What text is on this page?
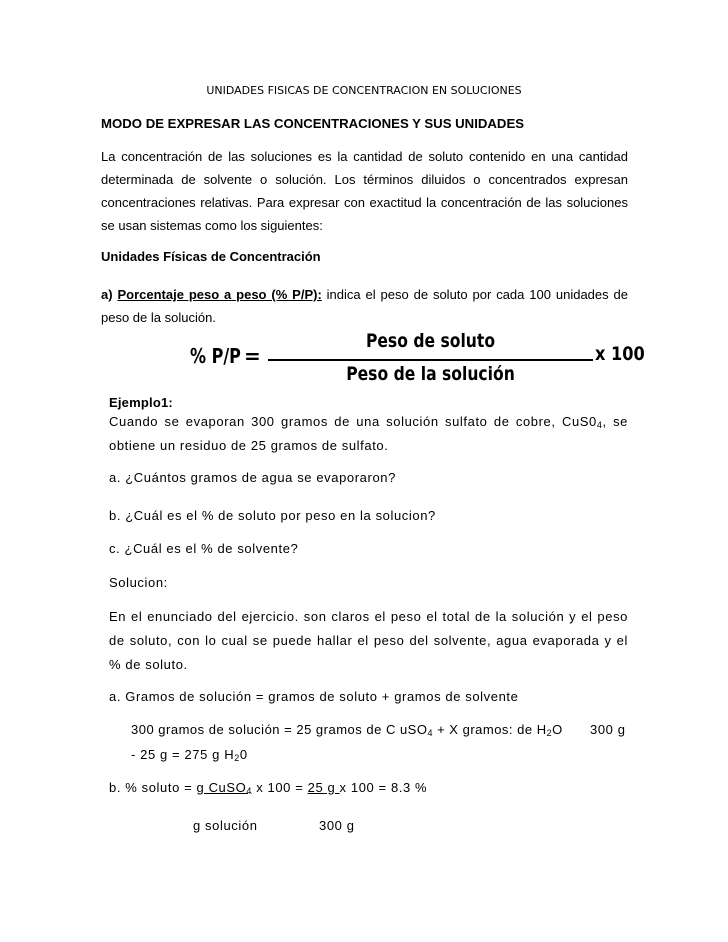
UNIDADES FISICAS DE CONCENTRACION EN SOLUCIONES
MODO DE EXPRESAR LAS CONCENTRACIONES Y SUS UNIDADES
La concentración de las soluciones es la cantidad de soluto contenido en una cantidad determinada de solvente o solución. Los términos diluidos o concentrados expresan concentraciones relativas. Para expresar con exactitud la concentración de las soluciones se usan sistemas como los siguientes:
Unidades Físicas de Concentración
a) Porcentaje peso a peso (% P/P): indica el peso de soluto por cada 100 unidades de peso de la solución.
% P/P =
Peso de soluto
Peso de la solución
x 100
Ejemplo1:
Cuando se evaporan 300 gramos de una solución sulfato de cobre, $CuS0_4$, se obtiene un residuo de 25 gramos de sulfato.
a. ¿Cuántos gramos de agua se evaporaron?
b. ¿Cuál es el % de soluto por peso en la solucion?
c. ¿Cuál es el % de solvente?
Solucion:
En el enunciado del ejercicio. son claros el peso el total de la solución y el peso de soluto, con lo cual se puede hallar el peso del solvente, agua evaporada y el % de soluto.
a. Gramos de solución = gramos de soluto + gramos de solvente
300 gramos de solución = 25 gramos de C uSO$_4$ + X gramos: de $H_2O$ 300 g
- 25 g = 275 g $H_20$
b. % soluto = g CuSO$_4$ x 100 = 25 g x 100 = 8.3 %
g solución	300 g
